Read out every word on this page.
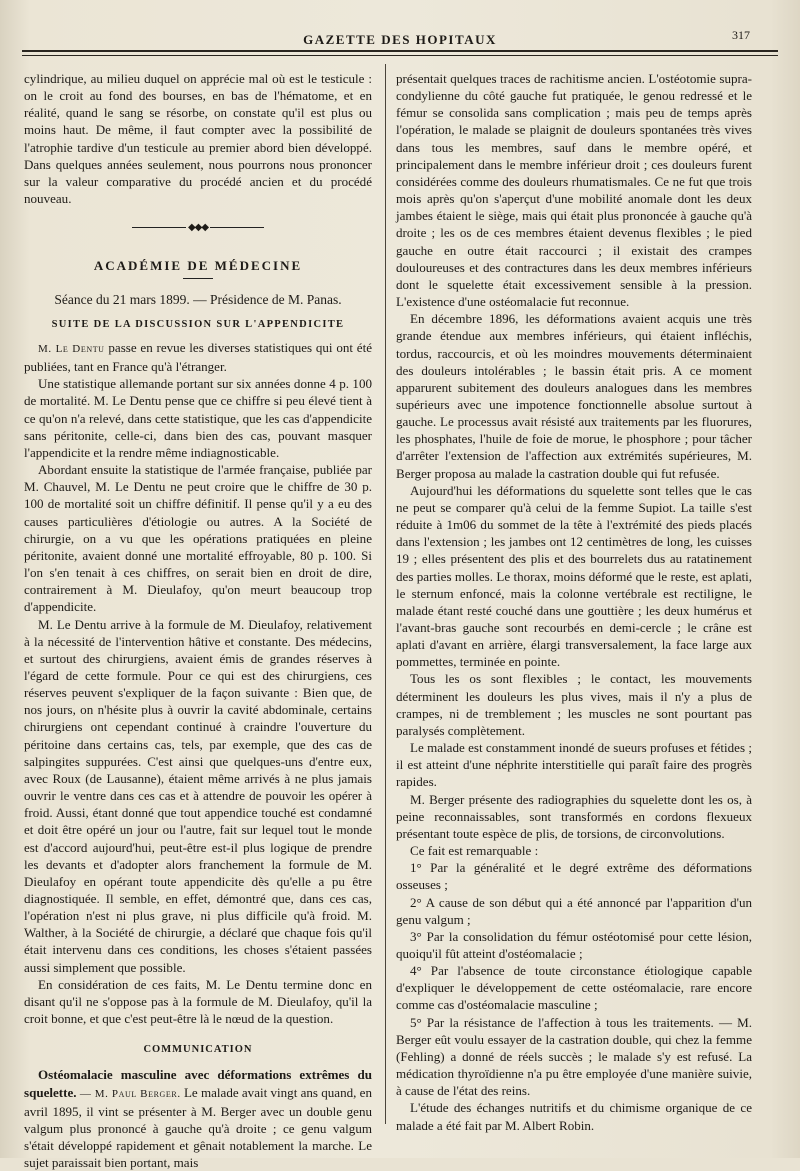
GAZETTE DES HOPITAUX	317

cylindrique, au milieu duquel on apprécie mal où est le testicule : on le croit au fond des bourses, en bas de l'hématome, et en réalité, quand le sang se résorbe, on constate qu'il est plus ou moins haut. De même, il faut compter avec la possibilité de l'atrophie tardive d'un testicule au premier abord bien développé. Dans quelques années seulement, nous pourrons nous prononcer sur la valeur comparative du procédé ancien et du procédé nouveau.

◆◆◆
ACADÉMIE DE MÉDECINE
Séance du 21 mars 1899. — Présidence de M. Panas.
SUITE DE LA DISCUSSION SUR L'APPENDICITE

M. Le Dentu passe en revue les diverses statistiques qui ont été publiées, tant en France qu'à l'étranger.

Une statistique allemande portant sur six années donne 4 p. 100 de mortalité. M. Le Dentu pense que ce chiffre si peu élevé tient à ce qu'on n'a relevé, dans cette statistique, que les cas d'appendicite sans péritonite, celle-ci, dans bien des cas, pouvant masquer l'appendicite et la rendre même indiagnosticable.

Abordant ensuite la statistique de l'armée française, publiée par M. Chauvel, M. Le Dentu ne peut croire que le chiffre de 30 p. 100 de mortalité soit un chiffre définitif. Il pense qu'il y a eu des causes particulières d'étiologie ou autres. A la Société de chirurgie, on a vu que les opérations pratiquées en pleine péritonite, avaient donné une mortalité effroyable, 80 p. 100. Si l'on s'en tenait à ces chiffres, on serait bien en droit de dire, contrairement à M. Dieulafoy, qu'on meurt beaucoup trop d'appendicite.

M. Le Dentu arrive à la formule de M. Dieulafoy, relativement à la nécessité de l'intervention hâtive et constante. Des médecins, et surtout des chirurgiens, avaient émis de grandes réserves à l'égard de cette formule. Pour ce qui est des chirurgiens, ces réserves peuvent s'expliquer de la façon suivante : Bien que, de nos jours, on n'hésite plus à ouvrir la cavité abdominale, certains chirurgiens ont cependant continué à craindre l'ouverture du péritoine dans certains cas, tels, par exemple, que des cas de salpingites suppurées. C'est ainsi que quelques-uns d'entre eux, avec Roux (de Lausanne), étaient même arrivés à ne plus jamais ouvrir le ventre dans ces cas et à attendre de pouvoir les opérer à froid. Aussi, étant donné que tout appendice touché est condamné et doit être opéré un jour ou l'autre, fait sur lequel tout le monde est d'accord aujourd'hui, peut-être est-il plus logique de prendre les devants et d'adopter alors franchement la formule de M. Dieulafoy en opérant toute appendicite dès qu'elle a pu être diagnostiquée. Il semble, en effet, démontré que, dans ces cas, l'opération n'est ni plus grave, ni plus difficile qu'à froid. M. Walther, à la Société de chirurgie, a déclaré que chaque fois qu'il était intervenu dans ces conditions, les choses s'étaient passées aussi simplement que possible.

En considération de ces faits, M. Le Dentu termine donc en disant qu'il ne s'oppose pas à la formule de M. Dieulafoy, qu'il la croit bonne, et que c'est peut-être là le nœud de la question.

COMMUNICATION

Ostéomalacie masculine avec déformations extrêmes du squelette. — M. Paul Berger. Le malade avait vingt ans quand, en avril 1895, il vint se présenter à M. Berger avec un double genu valgum plus prononcé à gauche qu'à droite ; ce genu valgum s'était développé rapidement et gênait notablement la marche. Le sujet paraissait bien portant, mais

présentait quelques traces de rachitisme ancien. L'ostéotomie supra-condylienne du côté gauche fut pratiquée, le genou redressé et le fémur se consolida sans complication ; mais peu de temps après l'opération, le malade se plaignit de douleurs spontanées très vives dans tous les membres, sauf dans le membre opéré, et principalement dans le membre inférieur droit ; ces douleurs furent considérées comme des douleurs rhumatismales. Ce ne fut que trois mois après qu'on s'aperçut d'une mobilité anomale dont les deux jambes étaient le siège, mais qui était plus prononcée à gauche qu'à droite ; les os de ces membres étaient devenus flexibles ; le pied gauche en outre était raccourci ; il existait des crampes douloureuses et des contractures dans les deux membres inférieurs dont le squelette était excessivement sensible à la pression. L'existence d'une ostéomalacie fut reconnue.

En décembre 1896, les déformations avaient acquis une très grande étendue aux membres inférieurs, qui étaient infléchis, tordus, raccourcis, et où les moindres mouvements déterminaient des douleurs intolérables ; le bassin était pris. A ce moment apparurent subitement des douleurs analogues dans les membres supérieurs avec une impotence fonctionnelle absolue surtout à gauche. Le processus avait résisté aux traitements par les fluorures, les phosphates, l'huile de foie de morue, le phosphore ; pour tâcher d'arrêter l'extension de l'affection aux extrémités supérieures, M. Berger proposa au malade la castration double qui fut refusée.

Aujourd'hui les déformations du squelette sont telles que le cas ne peut se comparer qu'à celui de la femme Supiot. La taille s'est réduite à 1m06 du sommet de la tête à l'extrémité des pieds placés dans l'extension ; les jambes ont 12 centimètres de long, les cuisses 19 ; elles présentent des plis et des bourrelets dus au ratatinement des parties molles. Le thorax, moins déformé que le reste, est aplati, le sternum enfoncé, mais la colonne vertébrale est rectiligne, le malade étant resté couché dans une gouttière ; les deux humérus et l'avant-bras gauche sont recourbés en demi-cercle ; le crâne est aplati d'avant en arrière, élargi transversalement, la face large aux pommettes, terminée en pointe.

Tous les os sont flexibles ; le contact, les mouvements déterminent les douleurs les plus vives, mais il n'y a plus de crampes, ni de tremblement ; les muscles ne sont pourtant pas paralysés complètement.

Le malade est constamment inondé de sueurs profuses et fétides ; il est atteint d'une néphrite interstitielle qui paraît faire des progrès rapides.

M. Berger présente des radiographies du squelette dont les os, à peine reconnaissables, sont transformés en cordons flexueux présentant toute espèce de plis, de torsions, de circonvolutions.

Ce fait est remarquable :

1° Par la généralité et le degré extrême des déformations osseuses ;

2° A cause de son début qui a été annoncé par l'apparition d'un genu valgum ;

3° Par la consolidation du fémur ostéotomisé pour cette lésion, quoiqu'il fût atteint d'ostéomalacie ;

4° Par l'absence de toute circonstance étiologique capable d'expliquer le développement de cette ostéomalacie, rare encore comme cas d'ostéomalacie masculine ;

5° Par la résistance de l'affection à tous les traitements. — M. Berger eût voulu essayer de la castration double, qui chez la femme (Fehling) a donné de réels succès ; le malade s'y est refusé. La médication thyroïdienne n'a pu être employée d'une manière suivie, à cause de l'état des reins.

L'étude des échanges nutritifs et du chimisme organique de ce malade a été fait par M. Albert Robin.
